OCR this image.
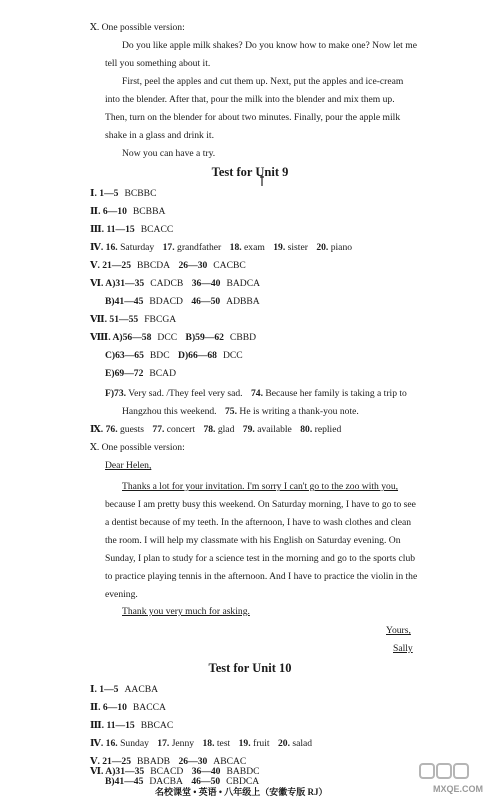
Ⅹ. One possible version:
Do you like apple milk shakes? Do you know how to make one? Now let me
tell you something about it.
First, peel the apples and cut them up. Next, put the apples and ice-cream
into the blender. After that, pour the milk into the blender and mix them up.
Then, turn on the blender for about two minutes. Finally, pour the apple milk
shake in a glass and drink it.
Now you can have a try.
Test for Unit 9
Ⅰ. 1—5 BCBBC
Ⅱ. 6—10 BCBBA
Ⅲ. 11—15 BCACC
Ⅳ. 16. Saturday 17. grandfather 18. exam 19. sister 20. piano
Ⅴ. 21—25 BBCDA 26—30 CACBC
Ⅵ. A)31—35 CADCB 36—40 BADCA
B)41—45 BDACD 46—50 ADBBA
Ⅶ. 51—55 FBCGA
Ⅷ. A)56—58 DCC B)59—62 CBBD
C)63—65 BDC D)66—68 DCC
E)69—72 BCAD
F)73. Very sad. /They feel very sad. 74. Because her family is taking a trip to
Hangzhou this weekend. 75. He is writing a thank-you note.
Ⅸ. 76. guests 77. concert 78. glad 79. available 80. replied
Ⅹ. One possible version:
Dear Helen,
Thanks a lot for your invitation. I'm sorry I can't go to the zoo with you,
because I am pretty busy this weekend. On Saturday morning, I have to go to see
a dentist because of my teeth. In the afternoon, I have to wash clothes and clean
the room. I will help my classmate with his English on Saturday evening. On
Sunday, I plan to study for a science test in the morning and go to the sports club
to practice playing tennis in the afternoon. And I have to practice the violin in the
evening.
Thank you very much for asking.
Yours,
Sally
Test for Unit 10
Ⅰ. 1—5 AACBA
Ⅱ. 6—10 BACCA
Ⅲ. 11—15 BBCAC
Ⅳ. 16. Sunday 17. Jenny 18. test 19. fruit 20. salad
Ⅴ. 21—25 BBADB 26—30 ABCAC
Ⅵ. A)31—35 BCACD 36—40 BABDC
B)41—45 DACBA 46—50 CBDCA
名校课堂 • 英语 • 八年级上（安徽专版 RJ）	MXQE.COM
